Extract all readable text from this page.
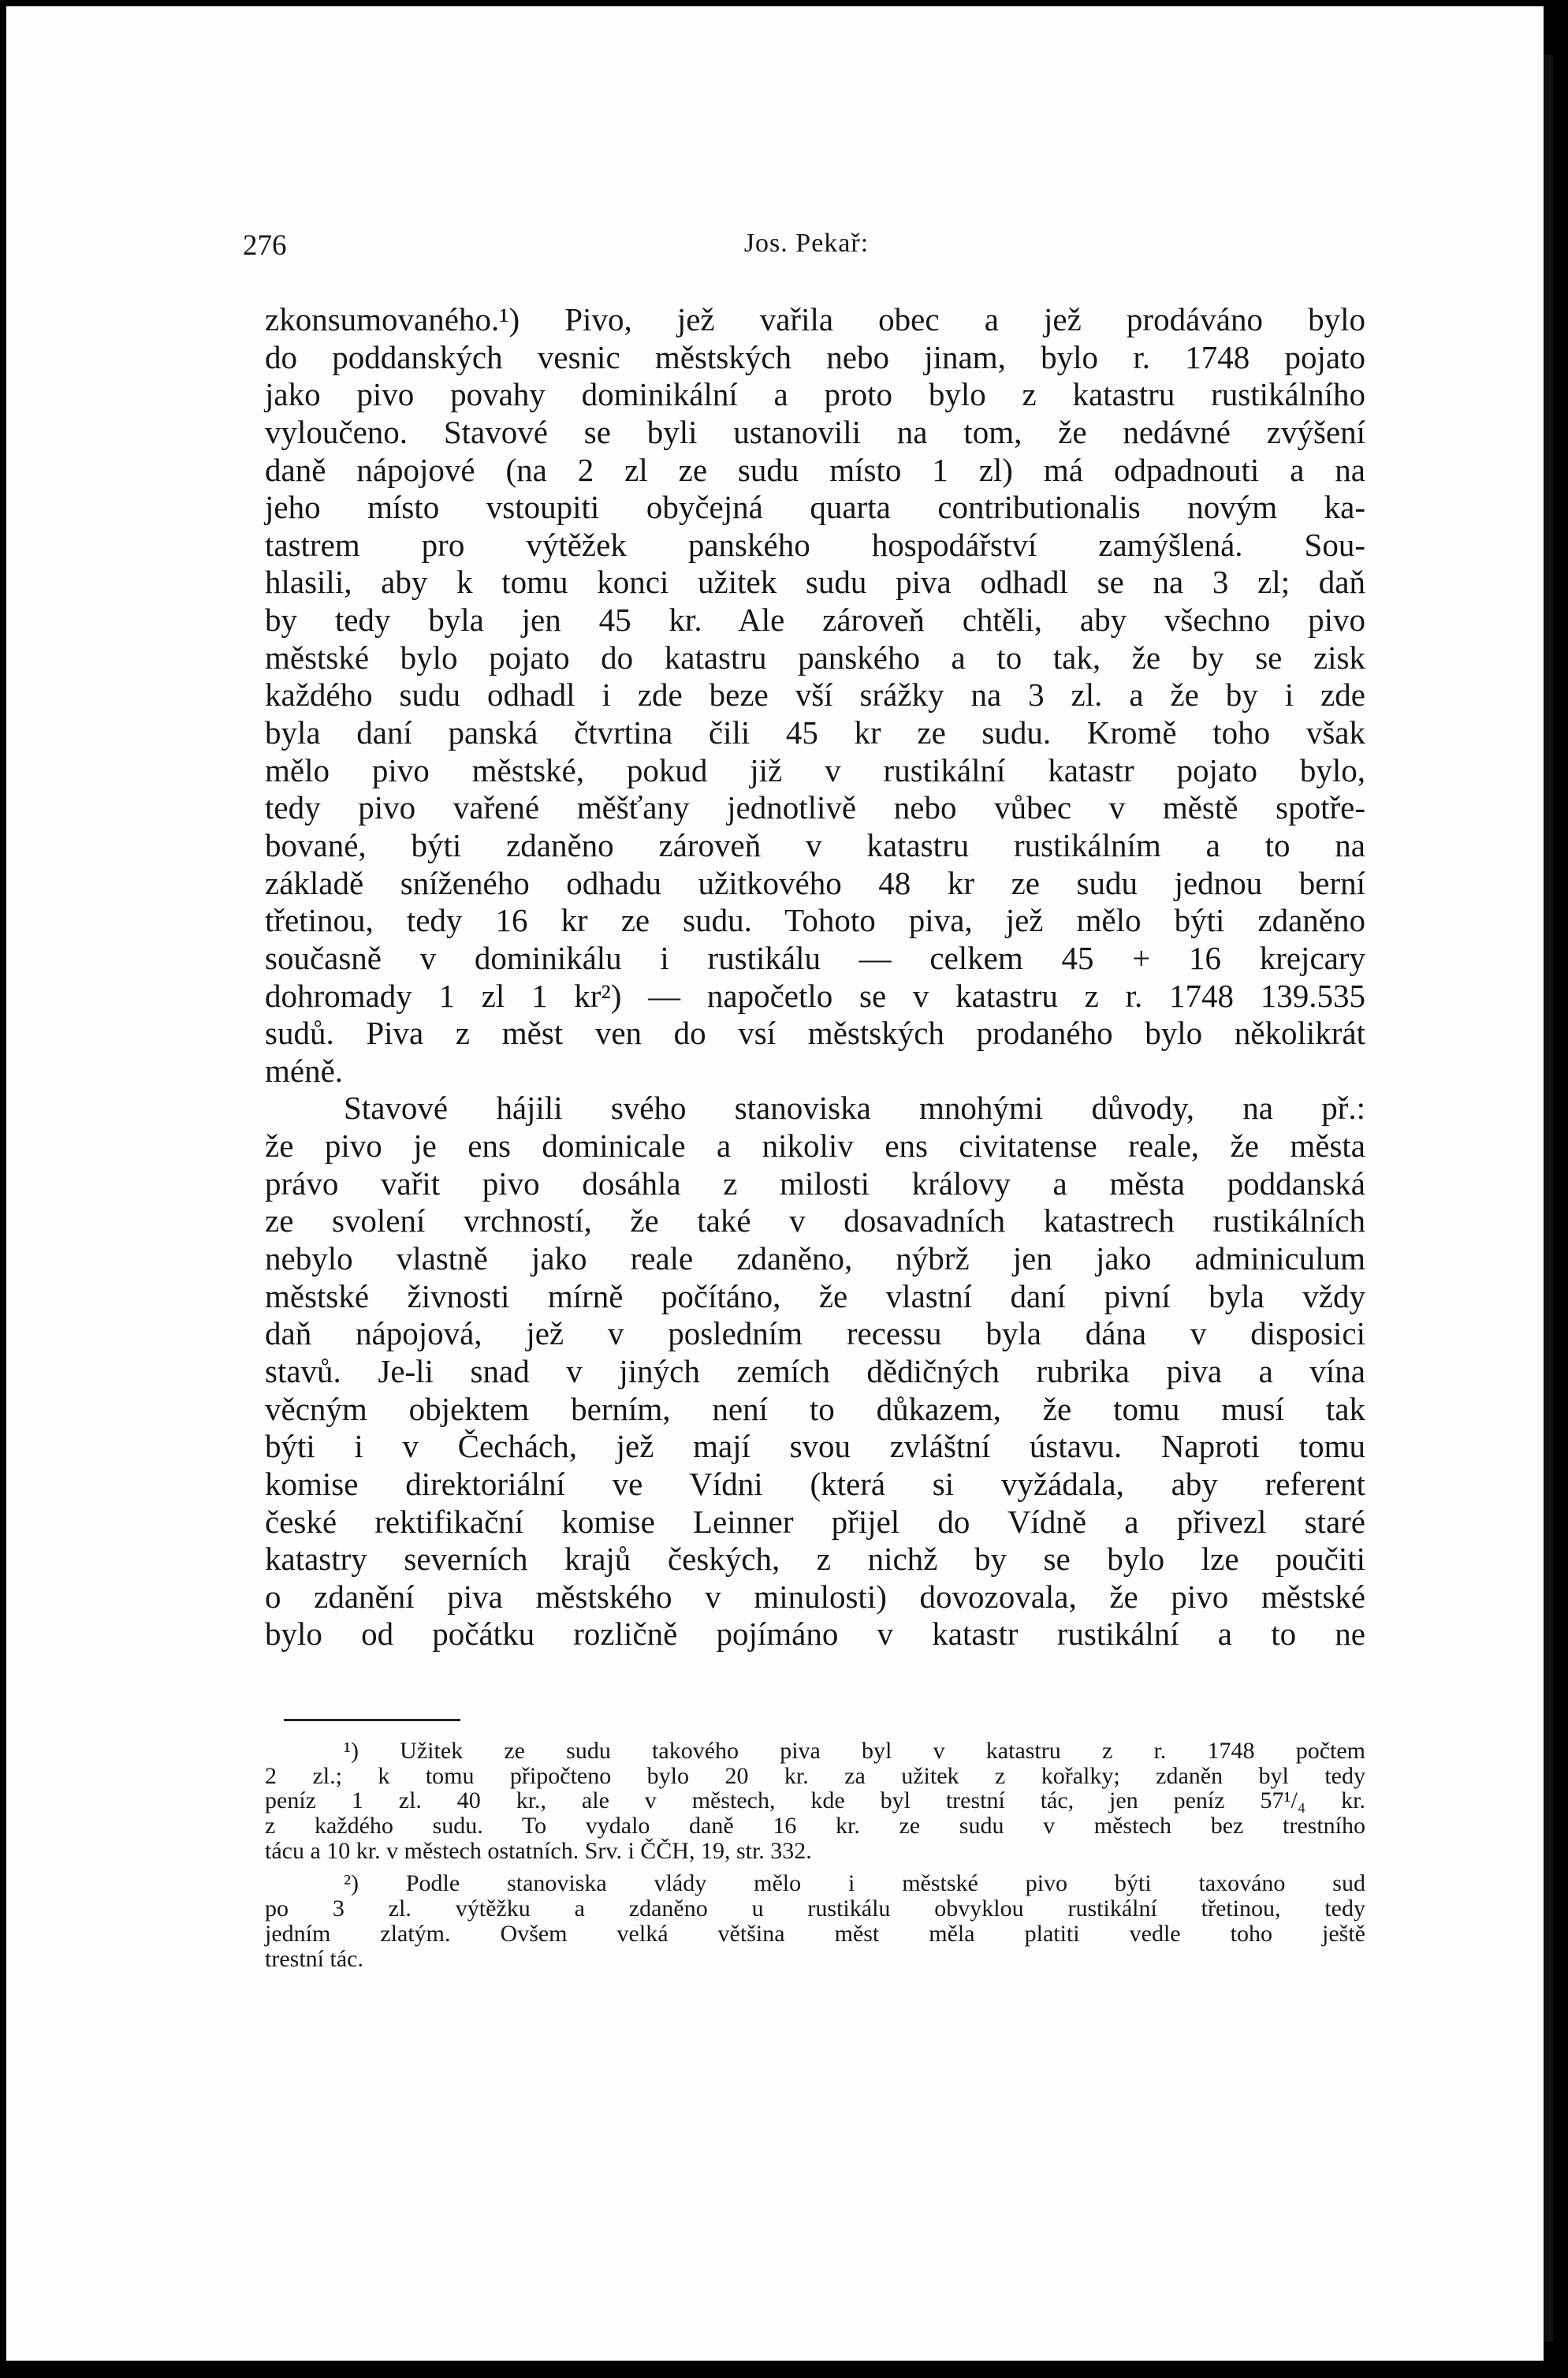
276	Jos. Pekař:

zkonsumovaného.¹) Pivo, jež vařila obec a jež prodáváno bylo

do poddanských vesnic městských nebo jinam, bylo r. 1748 pojato

jako pivo povahy dominikální a proto bylo z katastru rustikálního

vyloučeno. Stavové se byli ustanovili na tom, že nedávné zvýšení

daně nápojové (na 2 zl ze sudu místo 1 zl) má odpadnouti a na

jeho místo vstoupiti obyčejná quarta contributionalis novým ka-

tastrem pro výtěžek panského hospodářství zamýšlená. Sou-

hlasili, aby k tomu konci užitek sudu piva odhadl se na 3 zl; daň

by tedy byla jen 45 kr. Ale zároveň chtěli, aby všechno pivo

městské bylo pojato do katastru panského a to tak, že by se zisk

každého sudu odhadl i zde beze vší srážky na 3 zl. a že by i zde

byla daní panská čtvrtina čili 45 kr ze sudu. Kromě toho však

mělo pivo městské, pokud již v rustikální katastr pojato bylo,

tedy pivo vařené měšťany jednotlivě nebo vůbec v městě spotře-

bované, býti zdaněno zároveň v katastru rustikálním a to na

základě sníženého odhadu užitkového 48 kr ze sudu jednou berní

třetinou, tedy 16 kr ze sudu. Tohoto piva, jež mělo býti zdaněno

současně v dominikálu i rustikálu — celkem 45 + 16 krejcary

dohromady 1 zl 1 kr²) — napočetlo se v katastru z r. 1748 139.535

sudů. Piva z měst ven do vsí městských prodaného bylo několikrát

méně.

Stavové hájili svého stanoviska mnohými důvody, na př.:

že pivo je ens dominicale a nikoliv ens civitatense reale, že města

právo vařit pivo dosáhla z milosti královy a města poddanská

ze svolení vrchností, že také v dosavadních katastrech rustikálních

nebylo vlastně jako reale zdaněno, nýbrž jen jako adminiculum

městské živnosti mírně počítáno, že vlastní daní pivní byla vždy

daň nápojová, jež v posledním recessu byla dána v disposici

stavů. Je-li snad v jiných zemích dědičných rubrika piva a vína

věcným objektem berním, není to důkazem, že tomu musí tak

býti i v Čechách, jež mají svou zvláštní ústavu. Naproti tomu

komise direktoriální ve Vídni (která si vyžádala, aby referent

české rektifikační komise Leinner přijel do Vídně a přivezl staré

katastry severních krajů českých, z nichž by se bylo lze poučiti

o zdanění piva městského v minulosti) dovozovala, že pivo městské

bylo od počátku rozličně pojímáno v katastr rustikální a to ne

¹) Užitek ze sudu takového piva byl v katastru z r. 1748 počtem

2 zl.; k tomu připočteno bylo 20 kr. za užitek z kořalky; zdaněn byl tedy

peníz 1 zl. 40 kr., ale v městech, kde byl trestní tác, jen peníz 57¹/₄ kr.

z každého sudu. To vydalo daně 16 kr. ze sudu v městech bez trestního

tácu a 10 kr. v městech ostatních. Srv. i ČČH, 19, str. 332.

²) Podle stanoviska vlády mělo i městské pivo býti taxováno sud

po 3 zl. výtěžku a zdaněno u rustikálu obvyklou rustikální třetinou, tedy

jedním zlatým. Ovšem velká většina měst měla platiti vedle toho ještě

trestní tác.
